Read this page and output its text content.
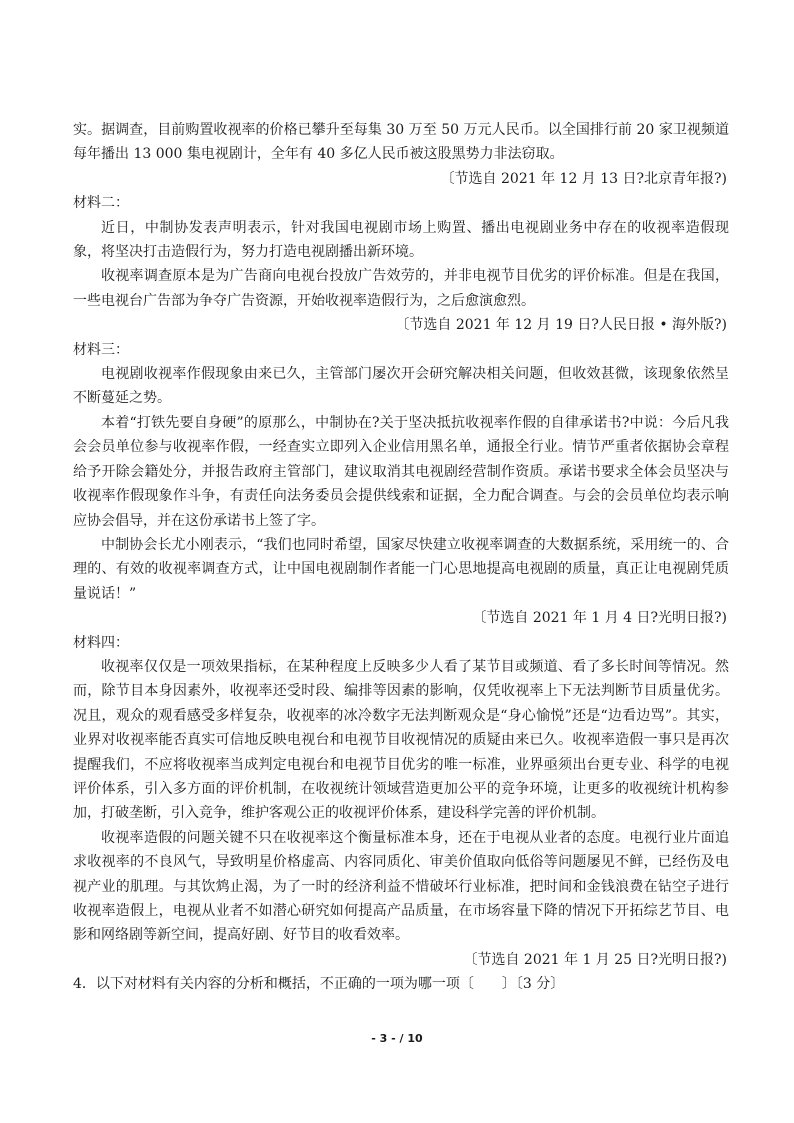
实。据调查，目前购置收视率的价格已攀升至每集 30 万至 50 万元人民币。以全国排行前 20 家卫视频道每年播出 13 000 集电视剧计，全年有 40 多亿人民币被这股黑势力非法窃取。

〔节选自 2021 年 12 月 13 日?北京青年报?)

材料二：

近日，中制协发表声明表示，针对我国电视剧市场上购置、播出电视剧业务中存在的收视率造假现象，将坚决打击造假行为，努力打造电视剧播出新环境。

收视率调查原本是为广告商向电视台投放广告效劳的，并非电视节目优劣的评价标准。但是在我国，一些电视台广告部为争夺广告资源，开始收视率造假行为，之后愈演愈烈。

〔节选自 2021 年 12 月 19 日?人民日报 • 海外版?)

材料三：

电视剧收视率作假现象由来已久，主管部门屡次开会研究解决相关问题，但收效甚微，该现象依然呈不断蔓延之势。

本着“打铁先要自身硬”的原那么，中制协在?关于坚决抵抗收视率作假的自律承诺书?中说：今后凡我会会员单位参与收视率作假，一经查实立即列入企业信用黑名单，通报全行业。情节严重者依据协会章程给予开除会籍处分，并报告政府主管部门，建议取消其电视剧经营制作资质。承诺书要求全体会员坚决与收视率作假现象作斗争，有责任向法务委员会提供线索和证据，全力配合调查。与会的会员单位均表示响应协会倡导，并在这份承诺书上签了字。

中制协会长尤小刚表示，“我们也同时希望，国家尽快建立收视率调查的大数据系统，采用统一的、合理的、有效的收视率调查方式，让中国电视剧制作者能一门心思地提高电视剧的质量，真正让电视剧凭质量说话！”

〔节选自 2021 年 1 月 4 日?光明日报?)

材料四：

收视率仅仅是一项效果指标，在某种程度上反映多少人看了某节目或频道、看了多长时间等情况。然而，除节目本身因素外，收视率还受时段、编排等因素的影响，仅凭收视率上下无法判断节目质量优劣。况且，观众的观看感受多样复杂，收视率的冰冷数字无法判断观众是“身心愉悦”还是“边看边骂”。其实，业界对收视率能否真实可信地反映电视台和电视节目收视情况的质疑由来已久。收视率造假一事只是再次提醒我们，不应将收视率当成判定电视台和电视节目优劣的唯一标准，业界亟须出台更专业、科学的电视评价体系，引入多方面的评价机制，在收视统计领域营造更加公平的竞争环境，让更多的收视统计机构参加，打破垄断，引入竞争，维护客观公正的收视评价体系，建设科学完善的评价机制。

收视率造假的问题关键不只在收视率这个衡量标准本身，还在于电视从业者的态度。电视行业片面追求收视率的不良风气，导致明星价格虚高、内容同质化、审美价值取向低俗等问题屡见不鲜，已经伤及电视产业的肌理。与其饮鸩止渴，为了一时的经济利益不惜破坏行业标准，把时间和金钱浪费在钻空子进行收视率造假上，电视从业者不如潜心研究如何提高产品质量，在市场容量下降的情况下开拓综艺节目、电影和网络剧等新空间，提高好剧、好节目的收看效率。

〔节选自 2021 年 1 月 25 日?光明日报?)

4．以下对材料有关内容的分析和概括，不正确的一项为哪一项〔　　〕〔3 分〕

- 3 - / 10
